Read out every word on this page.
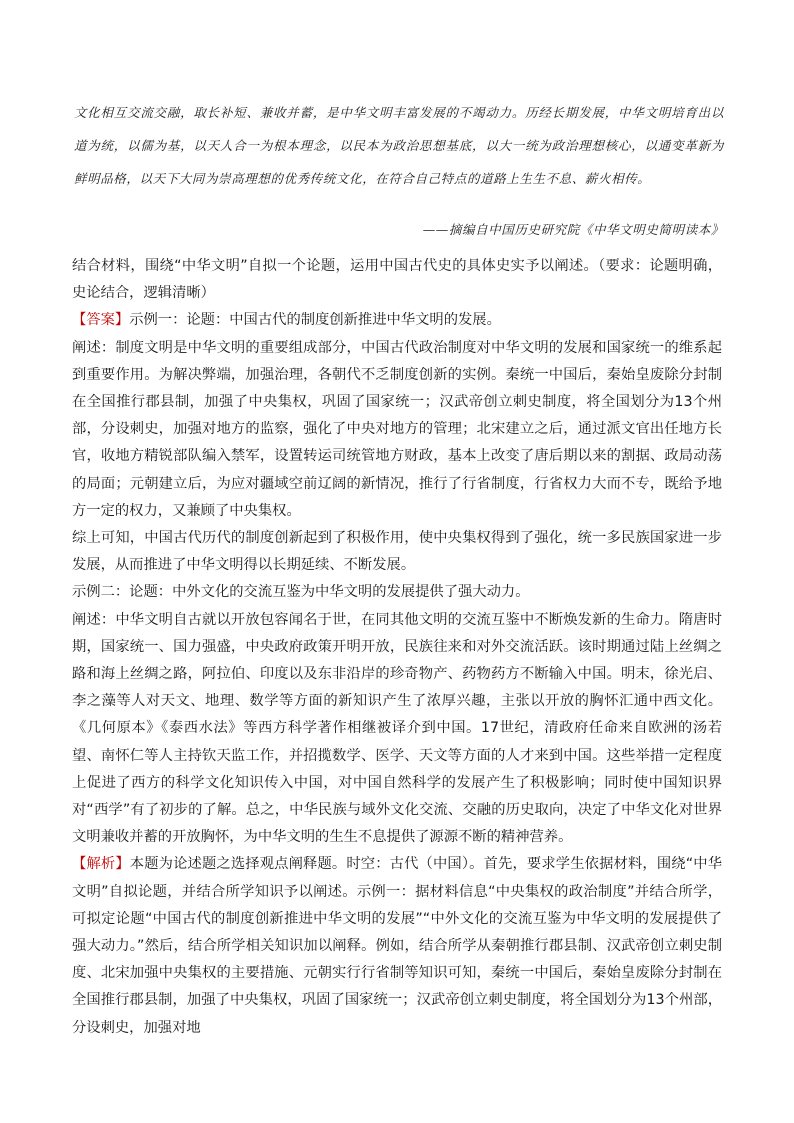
文化相互交流交融，取长补短、兼收并蓄，是中华文明丰富发展的不竭动力。历经长期发展，中华文明培育出以道为统，以儒为基，以天人合一为根本理念，以民本为政治思想基底，以大一统为政治理想核心，以通变革新为鲜明品格，以天下大同为崇高理想的优秀传统文化，在符合自己特点的道路上生生不息、薪火相传。

——摘编自中国历史研究院《中华文明史简明读本》

结合材料，围绕“中华文明”自拟一个论题，运用中国古代史的具体史实予以阐述。（要求：论题明确，史论结合，逻辑清晰）

【答案】示例一：论题：中国古代的制度创新推进中华文明的发展。

阐述：制度文明是中华文明的重要组成部分，中国古代政治制度对中华文明的发展和国家统一的维系起到重要作用。为解决弊端，加强治理，各朝代不乏制度创新的实例。秦统一中国后，秦始皇废除分封制在全国推行郡县制，加强了中央集权，巩固了国家统一；汉武帝创立刺史制度，将全国划分为13个州部，分设刺史，加强对地方的监察，强化了中央对地方的管理；北宋建立之后，通过派文官出任地方长官，收地方精锐部队编入禁军，设置转运司统管地方财政，基本上改变了唐后期以来的割据、政局动荡的局面；元朝建立后，为应对疆域空前辽阔的新情况，推行了行省制度，行省权力大而不专，既给予地方一定的权力，又兼顾了中央集权。

综上可知，中国古代历代的制度创新起到了积极作用，使中央集权得到了强化，统一多民族国家进一步发展，从而推进了中华文明得以长期延续、不断发展。

示例二：论题：中外文化的交流互鉴为中华文明的发展提供了强大动力。

阐述：中华文明自古就以开放包容闻名于世，在同其他文明的交流互鉴中不断焕发新的生命力。隋唐时期，国家统一、国力强盛，中央政府政策开明开放，民族往来和对外交流活跃。该时期通过陆上丝绸之路和海上丝绸之路，阿拉伯、印度以及东非沿岸的珍奇物产、药物药方不断输入中国。明末，徐光启、李之藻等人对天文、地理、数学等方面的新知识产生了浓厚兴趣，主张以开放的胸怀汇通中西文化。《几何原本》《泰西水法》等西方科学著作相继被译介到中国。17世纪，清政府任命来自欧洲的汤若望、南怀仁等人主持钦天监工作，并招揽数学、医学、天文等方面的人才来到中国。这些举措一定程度上促进了西方的科学文化知识传入中国，对中国自然科学的发展产生了积极影响；同时使中国知识界对“西学”有了初步的了解。总之，中华民族与域外文化交流、交融的历史取向，决定了中华文化对世界文明兼收并蓄的开放胸怀，为中华文明的生生不息提供了源源不断的精神营养。

【解析】本题为论述题之选择观点阐释题。时空：古代（中国）。首先，要求学生依据材料，围绕“中华文明”自拟论题，并结合所学知识予以阐述。示例一：据材料信息“中央集权的政治制度”并结合所学，可拟定论题“中国古代的制度创新推进中华文明的发展”“中外文化的交流互鉴为中华文明的发展提供了强大动力。”然后，结合所学相关知识加以阐释。例如，结合所学从秦朝推行郡县制、汉武帝创立刺史制度、北宋加强中央集权的主要措施、元朝实行行省制等知识可知，秦统一中国后，秦始皇废除分封制在全国推行郡县制，加强了中央集权，巩固了国家统一；汉武帝创立刺史制度，将全国划分为13个州部，分设刺史，加强对地
